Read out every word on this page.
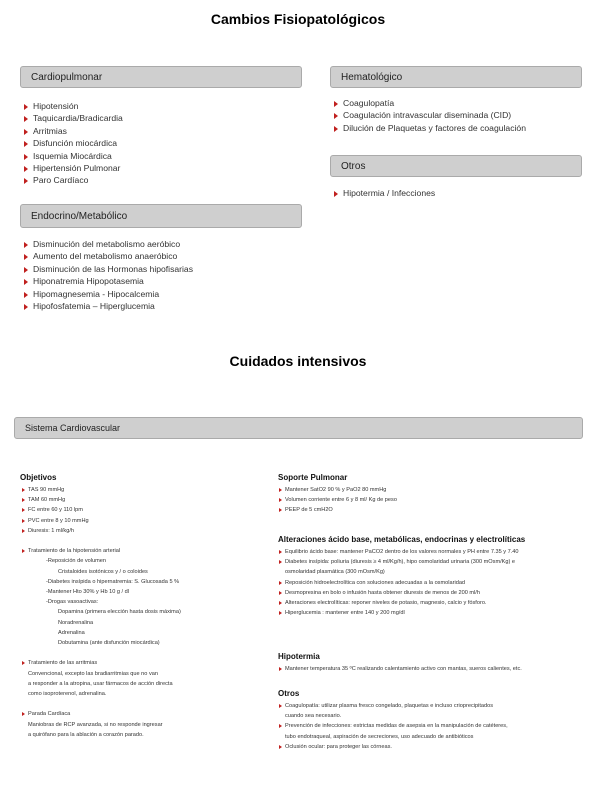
Cambios Fisiopatológicos
Cardiopulmonar
Hipotensión
Taquicardia/Bradicardia
Arritmias
Disfunción miocárdica
Isquemia Miocárdica
Hipertensión Pulmonar
Paro Cardíaco
Hematológico
Coagulopatía
Coagulación intravascular diseminada (CID)
Dilución de Plaquetas y factores de coagulación
Otros
Hipotermia / Infecciones
Endocrino/Metabólico
Disminución del metabolismo aeróbico
Aumento del metabolismo anaeróbico
Disminución de las Hormonas hipofisarias
Hiponatremia Hipopotasemia
Hipomagnesemia - Hipocalcemia
Hipofosfatemia – Hiperglucemia
Cuidados intensivos
Sistema Cardiovascular
Objetivos
TAS 90 mmHg
TAM 60 mmHg
FC entre 60 y 110 lpm
PVC entre 8 y 10 mmHg
Diuresis: 1 ml/kg/h

Tratamiento de la hipotensión arterial
-Reposición de volumen
Cristaloides isotónicos y / o coloides
-Diabetes insípida o hipernatremia: S. Glucosada 5 %
-Mantener Hto 30% y Hb 10 g / dl
-Drogas vasoactivas:
Dopamina (primera elección hasta dosis máxima)
Noradrenalina
Adrenalina
Dobutamina (ante disfunción miocárdica)

Tratamiento de las arritmias
Convencional, excepto las bradiarritmias que no van
a responder a la atropina, usar fármacos de acción directa
como isoproterenol, adrenalina.

Parada Cardíaca
Maniobras de RCP avanzada, si no responde ingresar
a quirófano para la ablación a corazón parado.
Soporte Pulmonar
Mantener SatO2 90 % y PaO2 80 mmHg
Volumen corriente entre 6 y 8 ml/ Kg de peso
PEEP de 5 cmH2O
Alteraciones ácido base, metabólicas, endocrinas y electrolíticas
Equilibrio ácido base: mantener PaCO2 dentro de los valores normales y PH entre 7.35 y 7.40
Diabetes insípida: poliuria (diuresis ≥ 4 ml/Kg/h), hipo osmolaridad urinaria (300 mOsm/Kg) e
osmolaridad plasmática (300 mOsm/Kg)
Reposición hidroelectrolítica con soluciones adecuadas a la osmolaridad
Desmopresina en bolo o infusión hasta obtener diuresis de menos de 200 ml/h
Alteraciones electrolíticas: reponer niveles de potasio, magnesio, calcio y fósforo.
Hiperglucemia : mantener entre 140 y 200 mg/dl
Hipotermia
Mantener temperatura 35 ºC realizando calentamiento activo con mantas, sueros calientes, etc.
Otros
Coagulopatía: utilizar plasma fresco congelado, plaquetas e incluso crioprecipitados
cuando sea necesario.
Prevención de infecciones: estrictas medidas de asepsia en la manipulación de catéteres,
tubo endotraqueal, aspiración de secreciones, uso adecuado de antibióticos
Oclusión ocular: para proteger las córneas.
